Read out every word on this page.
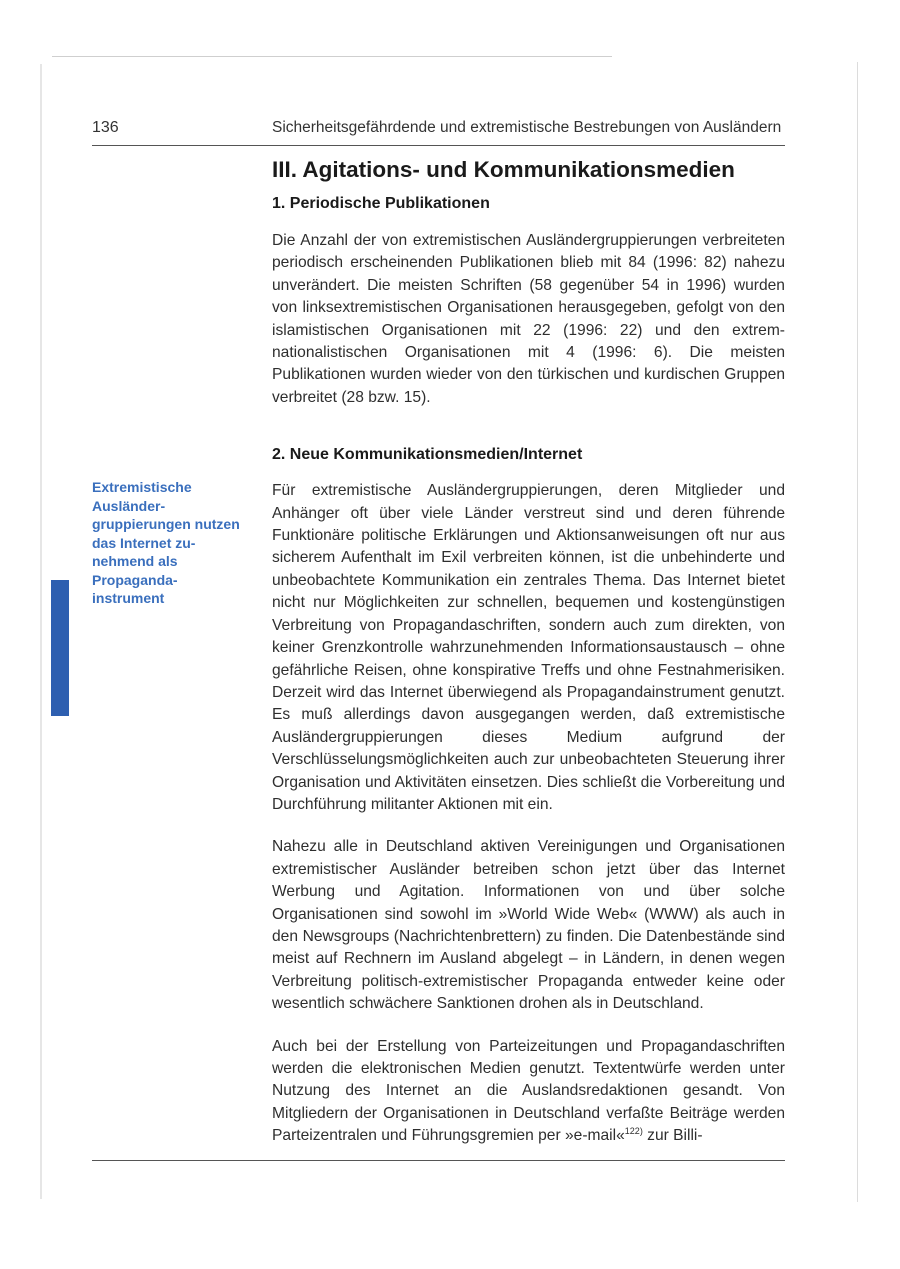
136	Sicherheitsgefährdende und extremistische Bestrebungen von Ausländern
Extremistische Ausländergruppierungen nutzen das Internet zunehmend als Propagandainstrument
III. Agitations- und Kommunikationsmedien
1. Periodische Publikationen

Die Anzahl der von extremistischen Ausländergruppierungen verbreiteten periodisch erscheinenden Publikationen blieb mit 84 (1996: 82) nahezu unverändert. Die meisten Schriften (58 gegenüber 54 in 1996) wurden von linksextremistischen Organisationen herausgegeben, gefolgt von den islamistischen Organisationen mit 22 (1996: 22) und den extrem-nationalistischen Organisationen mit 4 (1996: 6). Die meisten Publikationen wurden wieder von den türkischen und kurdischen Gruppen verbreitet (28 bzw. 15).

2. Neue Kommunikationsmedien/Internet

Für extremistische Ausländergruppierungen, deren Mitglieder und Anhänger oft über viele Länder verstreut sind und deren führende Funktionäre politische Erklärungen und Aktionsanweisungen oft nur aus sicherem Aufenthalt im Exil verbreiten können, ist die unbehinderte und unbeobachtete Kommunikation ein zentrales Thema. Das Internet bietet nicht nur Möglichkeiten zur schnellen, bequemen und kostengünstigen Verbreitung von Propagandaschriften, sondern auch zum direkten, von keiner Grenzkontrolle wahrzunehmenden Informationsaustausch – ohne gefährliche Reisen, ohne konspirative Treffs und ohne Festnahmerisiken. Derzeit wird das Internet überwiegend als Propagandainstrument genutzt. Es muß allerdings davon ausgegangen werden, daß extremistische Ausländergruppierungen dieses Medium aufgrund der Verschlüsselungsmöglichkeiten auch zur unbeobachteten Steuerung ihrer Organisation und Aktivitäten einsetzen. Dies schließt die Vorbereitung und Durchführung militanter Aktionen mit ein.

Nahezu alle in Deutschland aktiven Vereinigungen und Organisationen extremistischer Ausländer betreiben schon jetzt über das Internet Werbung und Agitation. Informationen von und über solche Organisationen sind sowohl im »World Wide Web« (WWW) als auch in den Newsgroups (Nachrichtenbrettern) zu finden. Die Datenbestände sind meist auf Rechnern im Ausland abgelegt – in Ländern, in denen wegen Verbreitung politisch-extremistischer Propaganda entweder keine oder wesentlich schwächere Sanktionen drohen als in Deutschland.

Auch bei der Erstellung von Parteizeitungen und Propagandaschriften werden die elektronischen Medien genutzt. Textentwürfe werden unter Nutzung des Internet an die Auslandsredaktionen gesandt. Von Mitgliedern der Organisationen in Deutschland verfaßte Beiträge werden Parteizentralen und Führungsgremien per »e-mail«$^{122)}$ zur Billi-
